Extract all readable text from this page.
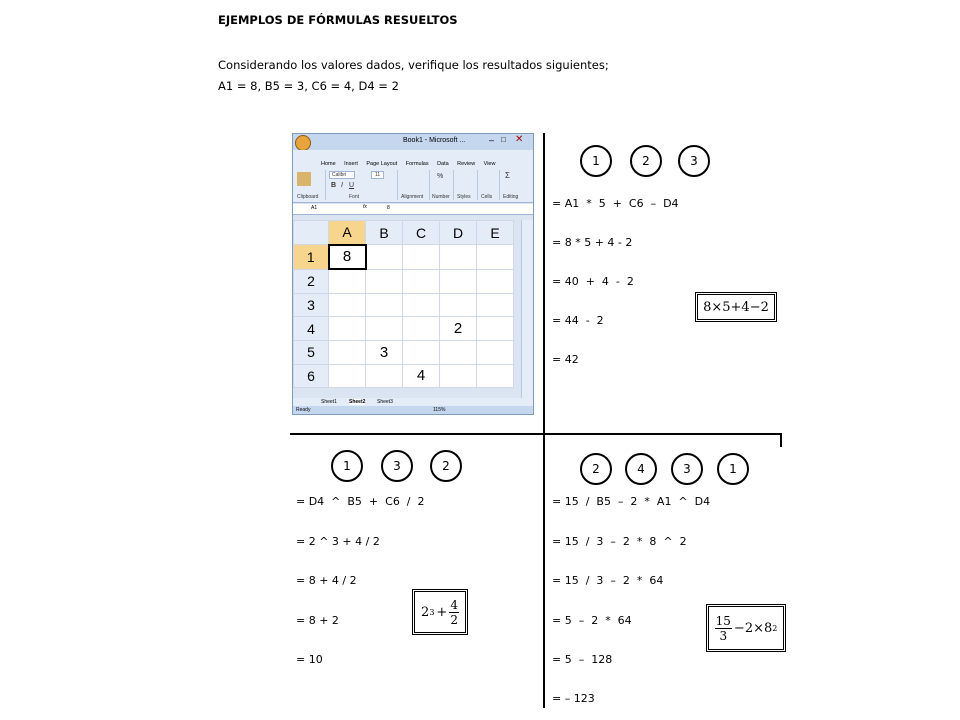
EJEMPLOS DE FÓRMULAS RESUELTOS
Considerando los valores dados, verifique los resultados siguientes;
A1 = 8, B5 = 3, C6 = 4, D4 = 2
Book1 - Microsoft ...	– □ ✕
Home Insert Page Layout Formulas Data Review View
Clipboard
Calibri	11
B I U
Font	Alignment
%
Number Styles Cells
Σ
Editing
A1	fx	8
	A	B	C	D	E
1	8				
2					
3					
4				2	
5		3			
6			4		
Sheet1 Sheet2 Sheet3
Ready	115%
1	2	3
= A1  *  5  +  C6  –  D4
= 8 * 5 + 4 - 2
= 40  +  4  -  2
= 44  -  2
= 42
8×5+4−2
1	3	2
= D4  ^  B5  +  C6  /  2
= 2 ^ 3 + 4 / 2
= 8 + 4 / 2
= 8 + 2
= 10
2 $3 + \frac{4}{2}$
2	4	3	1
= 15  /  B5  –  2  *  A1  ^  D4
= 15  /  3  –  2  *  8  ^  2
= 15  /  3  –  2  *  64
= 5  –  2  *  64
= 5  –  128
= – 123
$\frac{15}{3} -2\times 8$ 2
